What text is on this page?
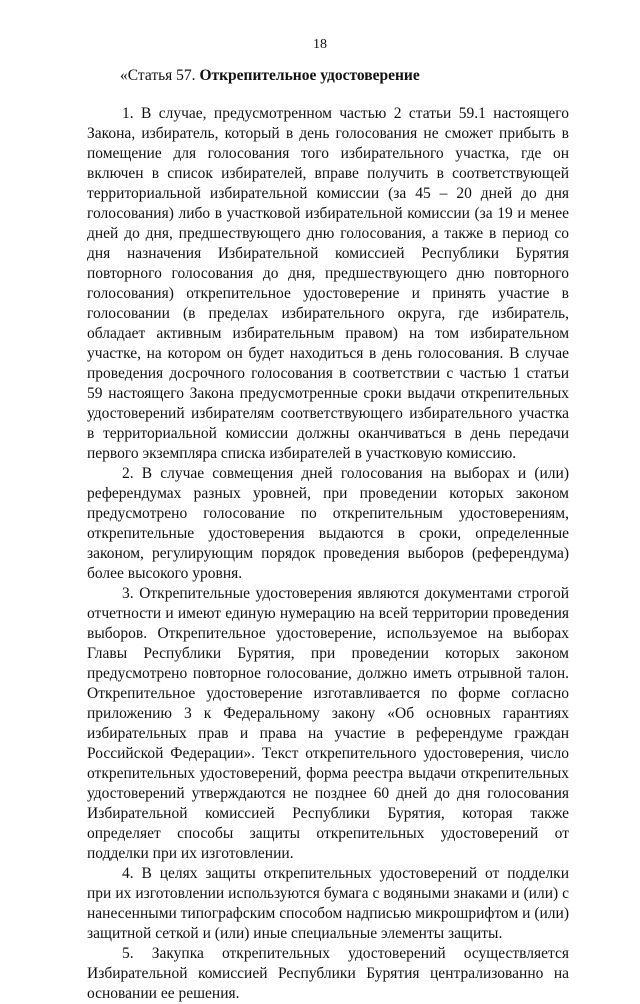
18
«Статья 57. Открепительное удостоверение

1. В случае, предусмотренном частью 2 статьи 59.1 настоящего Закона, избиратель, который в день голосования не сможет прибыть в помещение для голосования того избирательного участка, где он включен в список избирателей, вправе получить в соответствующей территориальной избирательной комиссии (за 45 – 20 дней до дня голосования) либо в участковой избирательной комиссии (за 19 и менее дней до дня, предшествующего дню голосования, а также в период со дня назначения Избирательной комиссией Республики Бурятия повторного голосования до дня, предшествующего дню повторного голосования) открепительное удостоверение и принять участие в голосовании (в пределах избирательного округа, где избиратель, обладает активным избирательным правом) на том избирательном участке, на котором он будет находиться в день голосования. В случае проведения досрочного голосования в соответствии с частью 1 статьи 59 настоящего Закона предусмотренные сроки выдачи открепительных удостоверений избирателям соответствующего избирательного участка в территориальной комиссии должны оканчиваться в день передачи первого экземпляра списка избирателей в участковую комиссию.

2. В случае совмещения дней голосования на выборах и (или) референдумах разных уровней, при проведении которых законом предусмотрено голосование по открепительным удостоверениям, открепительные удостоверения выдаются в сроки, определенные законом, регулирующим порядок проведения выборов (референдума) более высокого уровня.

3. Открепительные удостоверения являются документами строгой отчетности и имеют единую нумерацию на всей территории проведения выборов. Открепительное удостоверение, используемое на выборах Главы Республики Бурятия, при проведении которых законом предусмотрено повторное голосование, должно иметь отрывной талон. Открепительное удостоверение изготавливается по форме согласно приложению 3 к Федеральному закону «Об основных гарантиях избирательных прав и права на участие в референдуме граждан Российской Федерации». Текст открепительного удостоверения, число открепительных удостоверений, форма реестра выдачи открепительных удостоверений утверждаются не позднее 60 дней до дня голосования Избирательной комиссией Республики Бурятия, которая также определяет способы защиты открепительных удостоверений от подделки при их изготовлении.

4. В целях защиты открепительных удостоверений от подделки при их изготовлении используются бумага с водяными знаками и (или) с нанесенными типографским способом надписью микрошрифтом и (или) защитной сеткой и (или) иные специальные элементы защиты.

5. Закупка открепительных удостоверений осуществляется Избирательной комиссией Республики Бурятия централизованно на основании ее решения.
